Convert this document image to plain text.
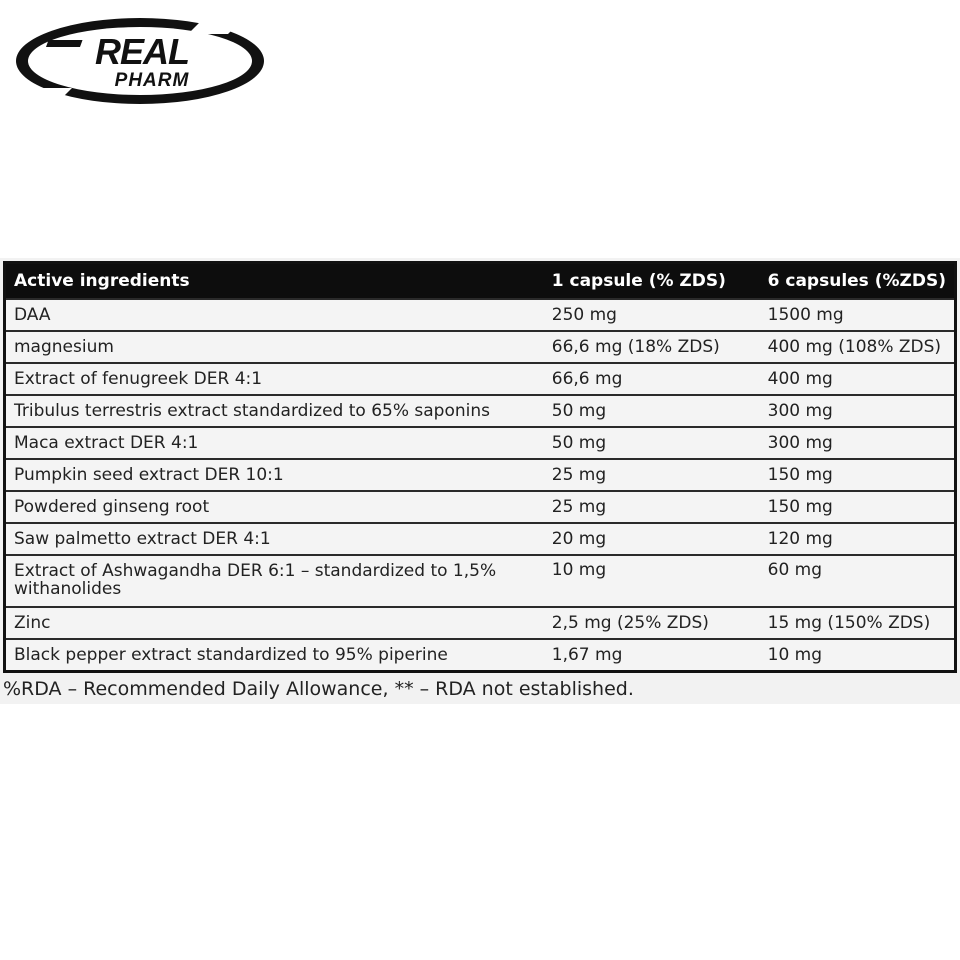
REAL
PHARM
Active ingredients	1 capsule (% ZDS)	6 capsules (%ZDS)
DAA	250 mg	1500 mg
magnesium	66,6 mg (18% ZDS)	400 mg (108% ZDS)
Extract of fenugreek DER 4:1	66,6 mg	400 mg
Tribulus terrestris extract standardized to 65% saponins	50 mg	300 mg
Maca extract DER 4:1	50 mg	300 mg
Pumpkin seed extract DER 10:1	25 mg	150 mg
Powdered ginseng root	25 mg	150 mg
Saw palmetto extract DER 4:1	20 mg	120 mg
Extract of Ashwagandha DER 6:1 – standardized to 1,5% withanolides	10 mg	60 mg
Zinc	2,5 mg (25% ZDS)	15 mg (150% ZDS)
Black pepper extract standardized to 95% piperine	1,67 mg	10 mg
%RDA – Recommended Daily Allowance, ** – RDA not established.
